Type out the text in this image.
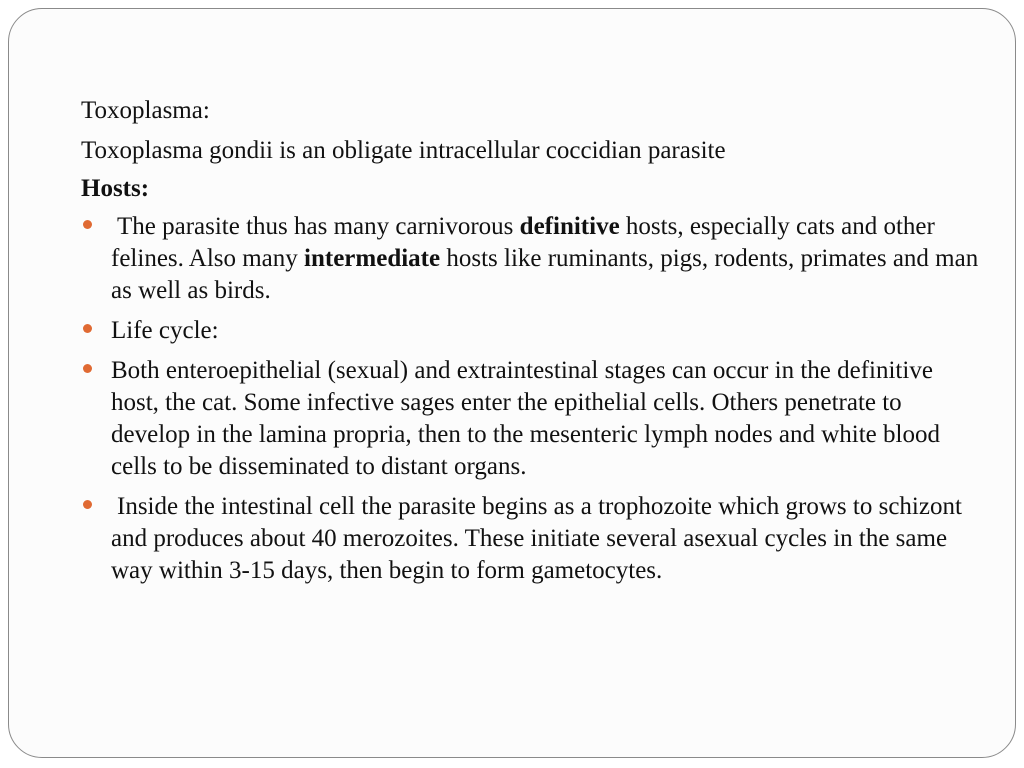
Toxoplasma:

Toxoplasma gondii is an obligate intracellular coccidian parasite

Hosts:

The parasite thus has many carnivorous definitive hosts, especially cats and other felines. Also many intermediate hosts like ruminants, pigs, rodents, primates and man as well as birds.
Life cycle:
Both enteroepithelial (sexual) and extraintestinal stages can occur in the definitive host, the cat. Some infective sages enter the epithelial cells. Others penetrate to develop in the lamina propria, then to the mesenteric lymph nodes and white blood cells to be disseminated to distant organs.
Inside the intestinal cell the parasite begins as a trophozoite which grows to schizont and produces about 40 merozoites. These initiate several asexual cycles in the same way within 3-15 days, then begin to form gametocytes.
